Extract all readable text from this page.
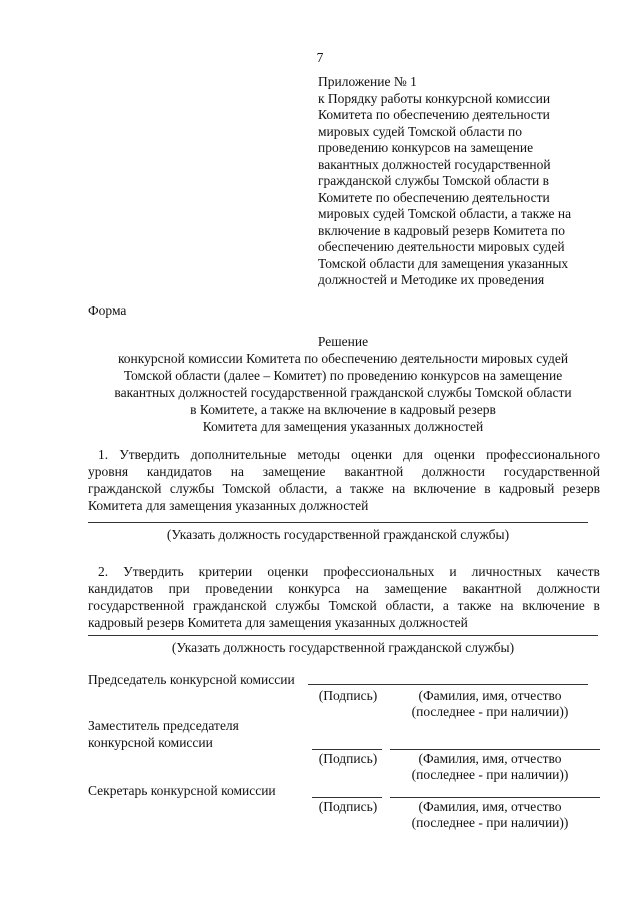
7
Приложение № 1
к Порядку работы конкурсной комиссии
Комитета по обеспечению деятельности
мировых судей Томской области по
проведению конкурсов на замещение
вакантных должностей государственной
гражданской службы Томской области в
Комитете по обеспечению деятельности
мировых судей Томской области, а также на
включение в кадровый резерв Комитета по
обеспечению деятельности мировых судей
Томской области для замещения указанных
должностей и Методике их проведения
Форма
Решение
конкурсной комиссии Комитета по обеспечению деятельности мировых судей
Томской области (далее – Комитет) по проведению конкурсов на замещение
вакантных должностей государственной гражданской службы Томской области
в Комитете, а также на включение в кадровый резерв
Комитета для замещения указанных должностей
1. Утвердить дополнительные методы оценки для оценки профессионального
уровня кандидатов на замещение вакантной должности государственной
гражданской службы Томской области, а также на включение в кадровый резерв
Комитета для замещения указанных должностей
(Указать должность государственной гражданской службы)
2. Утвердить критерии оценки профессиональных и личностных качеств
кандидатов при проведении конкурса на замещение вакантной должности
государственной гражданской службы Томской области, а также на включение в
кадровый резерв Комитета для замещения указанных должностей
(Указать должность государственной гражданской службы)
Председатель конкурсной комиссии
(Подпись)	(Фамилия, имя, отчество
(последнее - при наличии))
Заместитель председателя
конкурсной комиссии
(Подпись)	(Фамилия, имя, отчество
(последнее - при наличии))
Секретарь конкурсной комиссии
(Подпись)	(Фамилия, имя, отчество
(последнее - при наличии))
